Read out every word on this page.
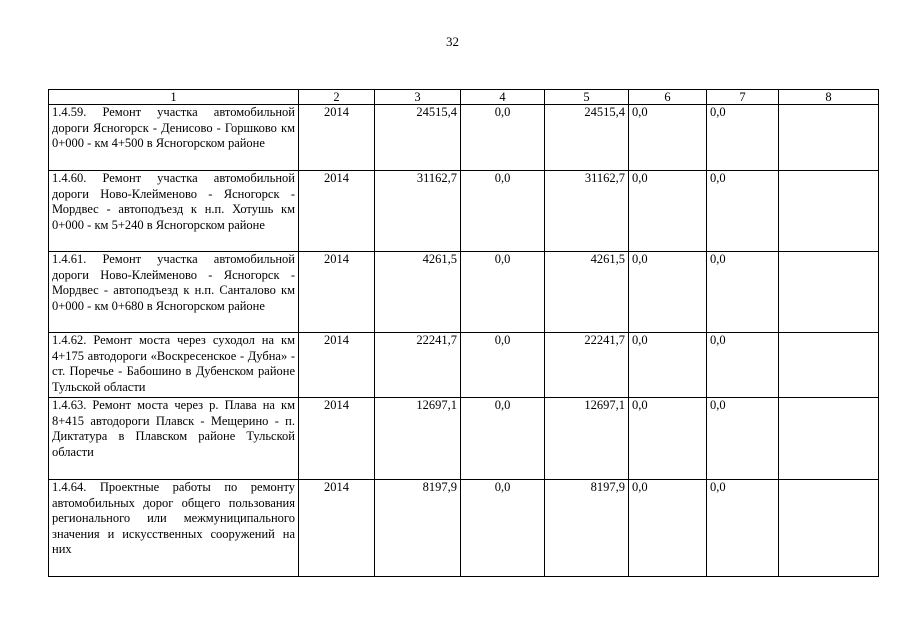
32
1	2	3	4	5	6	7	8
1.4.59. Ремонт участка автомобильной дороги Ясногорск - Денисово - Горшково км 0+000 - км 4+500 в Ясногорском районе	2014	24515,4	0,0	24515,4	0,0	0,0	
1.4.60. Ремонт участка автомобильной дороги Ново-Клейменово - Ясногорск - Мордвес - автоподъезд к н.п. Хотушь км 0+000 - км 5+240 в Ясногорском районе	2014	31162,7	0,0	31162,7	0,0	0,0	
1.4.61. Ремонт участка автомобильной дороги Ново-Клейменово - Ясногорск - Мордвес - автоподъезд к н.п. Санталово км 0+000 - км 0+680 в Ясногорском районе	2014	4261,5	0,0	4261,5	0,0	0,0	
1.4.62. Ремонт моста через суходол на км 4+175 автодороги «Воскресенское - Дубна» - ст. Поречье - Бабошино в Дубенском районе Тульской области	2014	22241,7	0,0	22241,7	0,0	0,0	
1.4.63. Ремонт моста через р. Плава на км 8+415 автодороги Плавск - Мещерино - п. Диктатура в Плавском районе Тульской области	2014	12697,1	0,0	12697,1	0,0	0,0	
1.4.64. Проектные работы по ремонту автомобильных дорог общего пользования регионального или межмуниципального значения и искусственных сооружений на них	2014	8197,9	0,0	8197,9	0,0	0,0	
